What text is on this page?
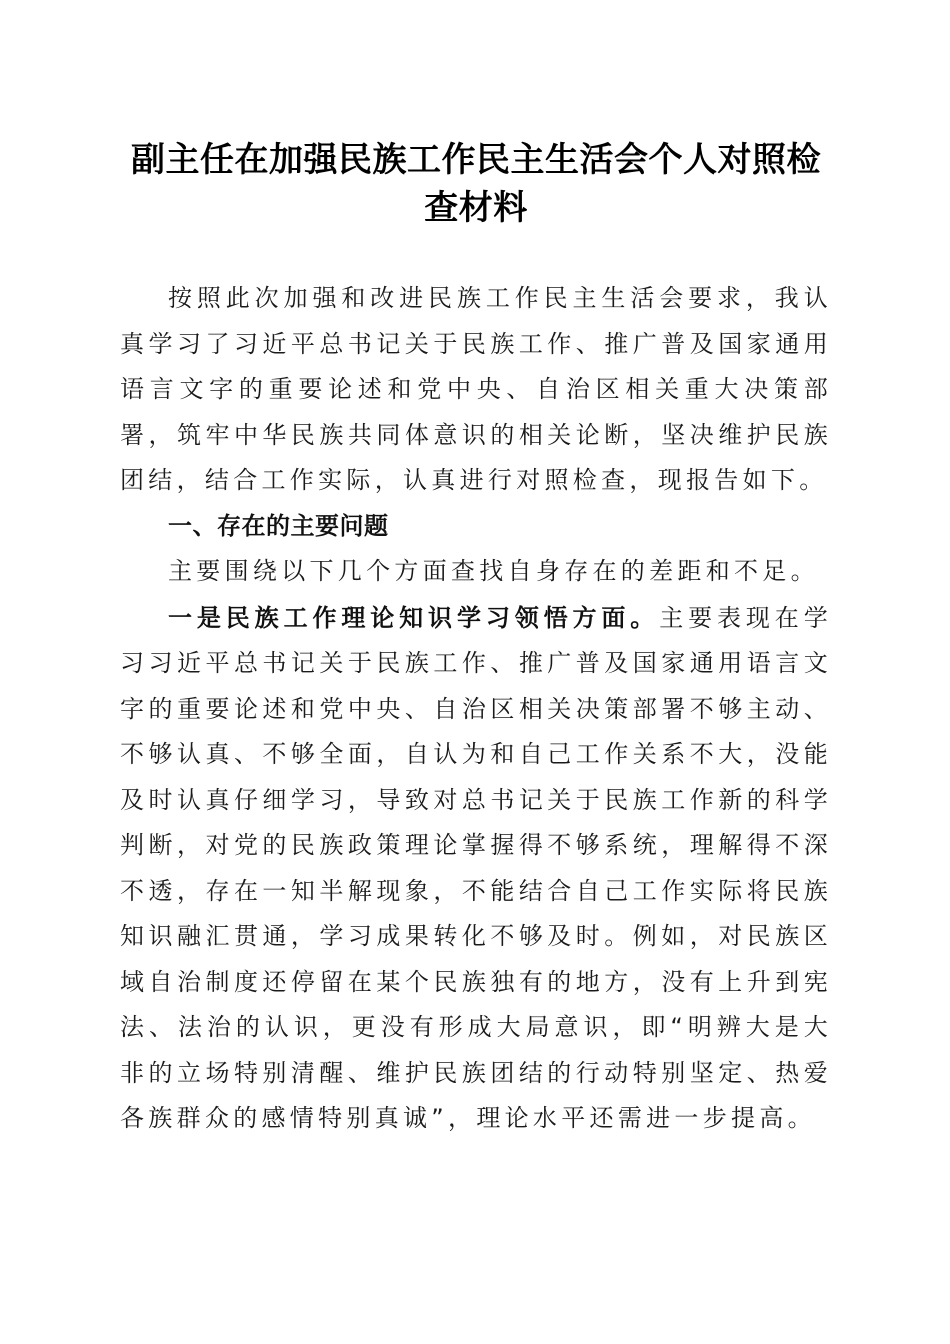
副主任在加强民族工作民主生活会个人对照检查材料

按照此次加强和改进民族工作民主生活会要求，我认真学习了习近平总书记关于民族工作、推广普及国家通用语言文字的重要论述和党中央、自治区相关重大决策部署，筑牢中华民族共同体意识的相关论断，坚决维护民族团结，结合工作实际，认真进行对照检查，现报告如下。

一、存在的主要问题

主要围绕以下几个方面查找自身存在的差距和不足。

一是民族工作理论知识学习领悟方面。主要表现在学习习近平总书记关于民族工作、推广普及国家通用语言文字的重要论述和党中央、自治区相关决策部署不够主动、不够认真、不够全面，自认为和自己工作关系不大，没能及时认真仔细学习，导致对总书记关于民族工作新的科学判断，对党的民族政策理论掌握得不够系统，理解得不深不透，存在一知半解现象，不能结合自己工作实际将民族知识融汇贯通，学习成果转化不够及时。例如，对民族区域自治制度还停留在某个民族独有的地方，没有上升到宪法、法治的认识，更没有形成大局意识，即“明辨大是大非的立场特别清醒、维护民族团结的行动特别坚定、热爱各族群众的感情特别真诚”，理论水平还需进一步提高。
